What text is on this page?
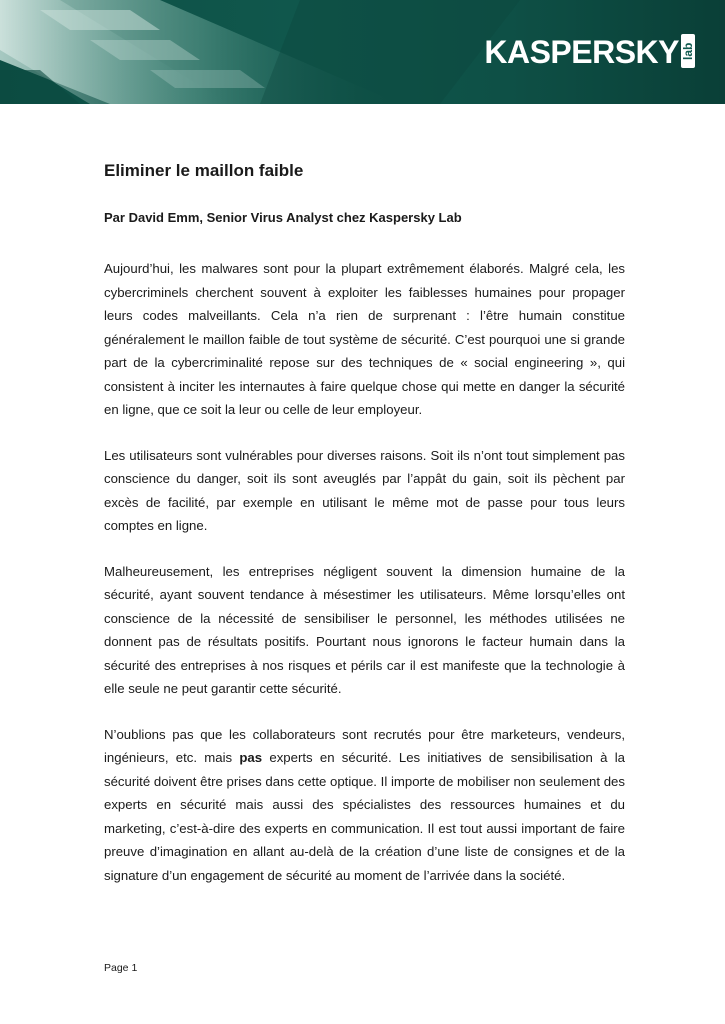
KASPERSKY lab
Eliminer le maillon faible
Par David Emm, Senior Virus Analyst chez Kaspersky Lab

Aujourd’hui, les malwares sont pour la plupart extrêmement élaborés. Malgré cela, les cybercriminels cherchent souvent à exploiter les faiblesses humaines pour propager leurs codes malveillants. Cela n’a rien de surprenant : l’être humain constitue généralement le maillon faible de tout système de sécurité. C’est pourquoi une si grande part de la cybercriminalité repose sur des techniques de « social engineering », qui consistent à inciter les internautes à faire quelque chose qui mette en danger la sécurité en ligne, que ce soit la leur ou celle de leur employeur.

Les utilisateurs sont vulnérables pour diverses raisons. Soit ils n’ont tout simplement pas conscience du danger, soit ils sont aveuglés par l’appât du gain, soit ils pèchent par excès de facilité, par exemple en utilisant le même mot de passe pour tous leurs comptes en ligne.

Malheureusement, les entreprises négligent souvent la dimension humaine de la sécurité, ayant souvent tendance à mésestimer les utilisateurs. Même lorsqu’elles ont conscience de la nécessité de sensibiliser le personnel, les méthodes utilisées ne donnent pas de résultats positifs. Pourtant nous ignorons le facteur humain dans la sécurité des entreprises à nos risques et périls car il est manifeste que la technologie à elle seule ne peut garantir cette sécurité.

N’oublions pas que les collaborateurs sont recrutés pour être marketeurs, vendeurs, ingénieurs, etc. mais pas experts en sécurité. Les initiatives de sensibilisation à la sécurité doivent être prises dans cette optique. Il importe de mobiliser non seulement des experts en sécurité mais aussi des spécialistes des ressources humaines et du marketing, c’est-à-dire des experts en communication. Il est tout aussi important de faire preuve d’imagination en allant au-delà de la création d’une liste de consignes et de la signature d’un engagement de sécurité au moment de l’arrivée dans la société.

Page 1
